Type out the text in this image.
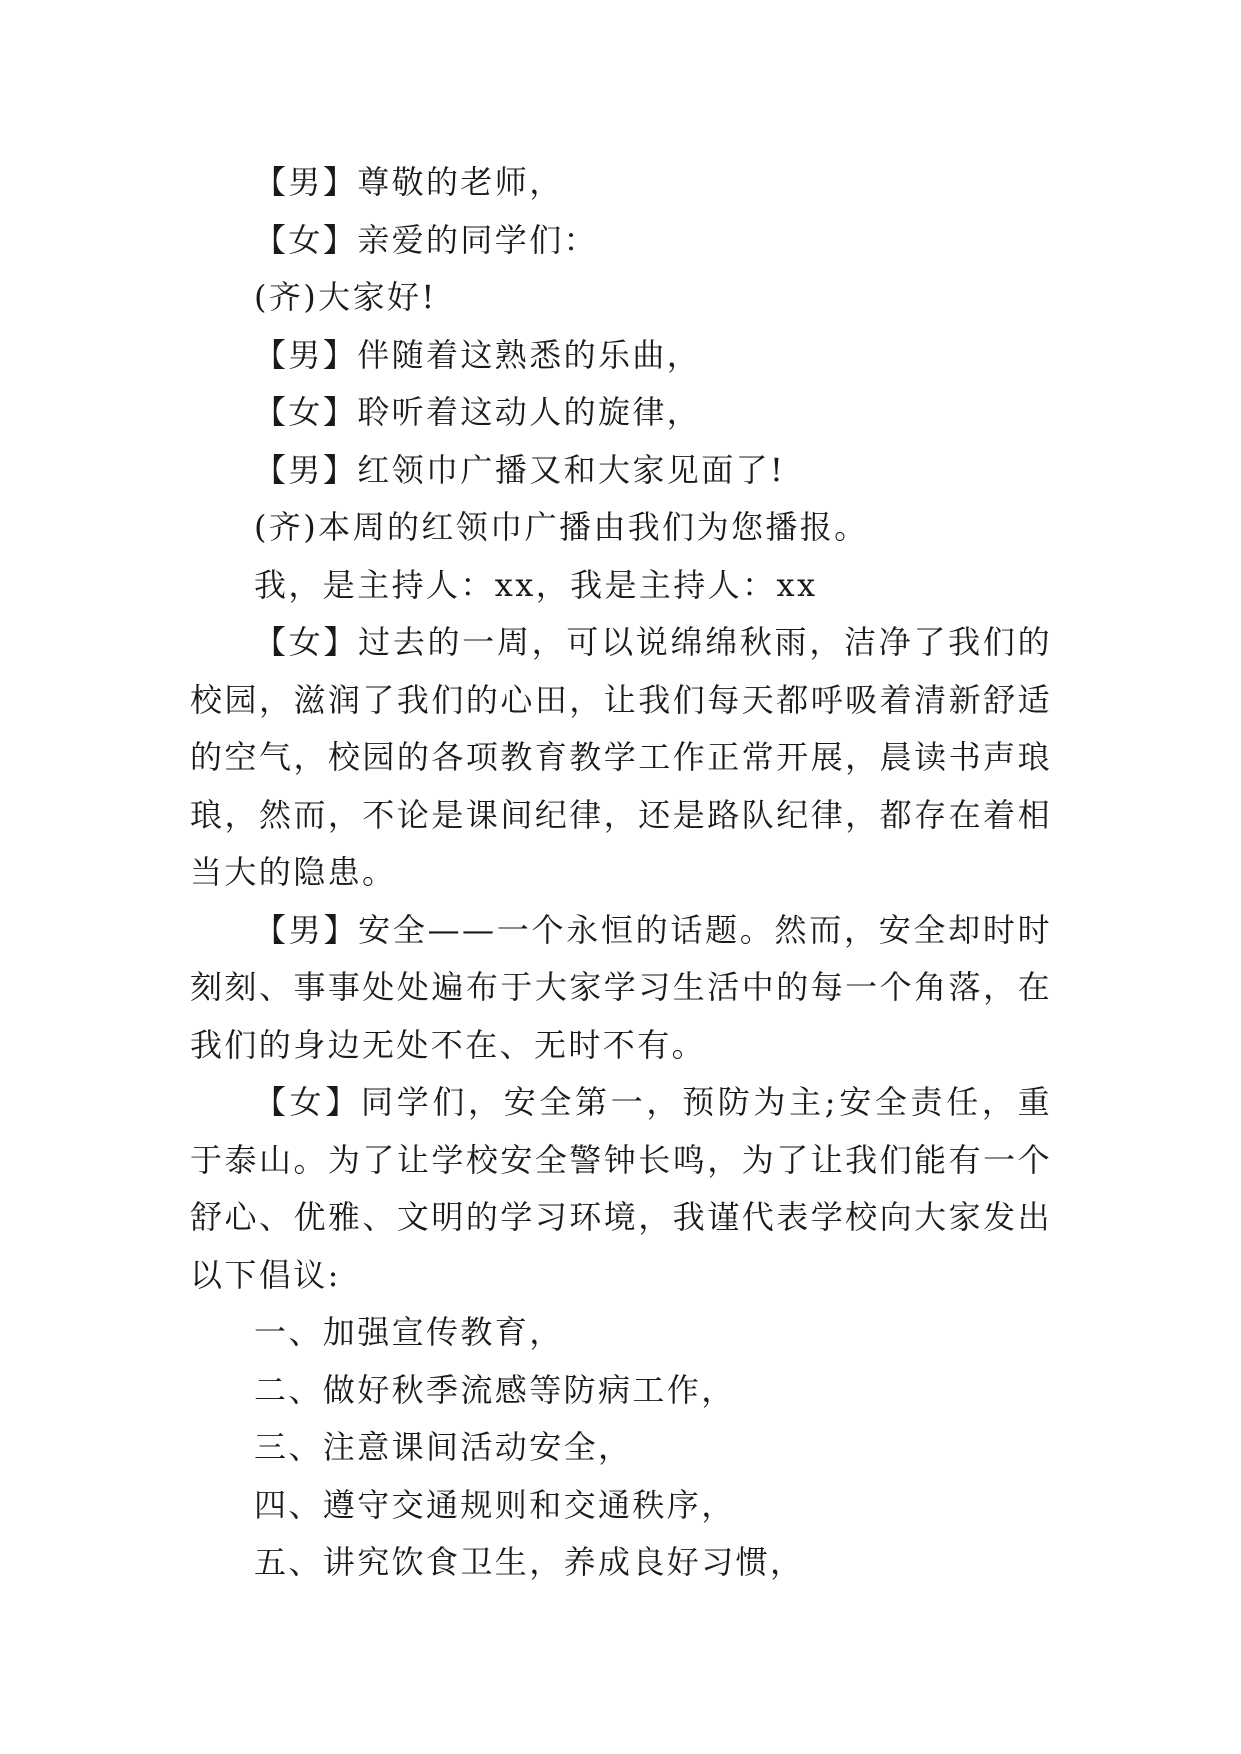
【男】尊敬的老师，

【女】亲爱的同学们：

(齐)大家好!

【男】伴随着这熟悉的乐曲，

【女】聆听着这动人的旋律，

【男】红领巾广播又和大家见面了!

(齐)本周的红领巾广播由我们为您播报。

我，是主持人：xx，我是主持人：xx

【女】过去的一周，可以说绵绵秋雨，洁净了我们的校园，滋润了我们的心田，让我们每天都呼吸着清新舒适的空气，校园的各项教育教学工作正常开展，晨读书声琅琅，然而，不论是课间纪律，还是路队纪律，都存在着相当大的隐患。

【男】安全——一个永恒的话题。然而，安全却时时刻刻、事事处处遍布于大家学习生活中的每一个角落，在我们的身边无处不在、无时不有。

【女】同学们，安全第一，预防为主;安全责任，重于泰山。为了让学校安全警钟长鸣，为了让我们能有一个舒心、优雅、文明的学习环境，我谨代表学校向大家发出以下倡议:

一、加强宣传教育，

二、做好秋季流感等防病工作，

三、注意课间活动安全，

四、遵守交通规则和交通秩序，

五、讲究饮食卫生，养成良好习惯，
